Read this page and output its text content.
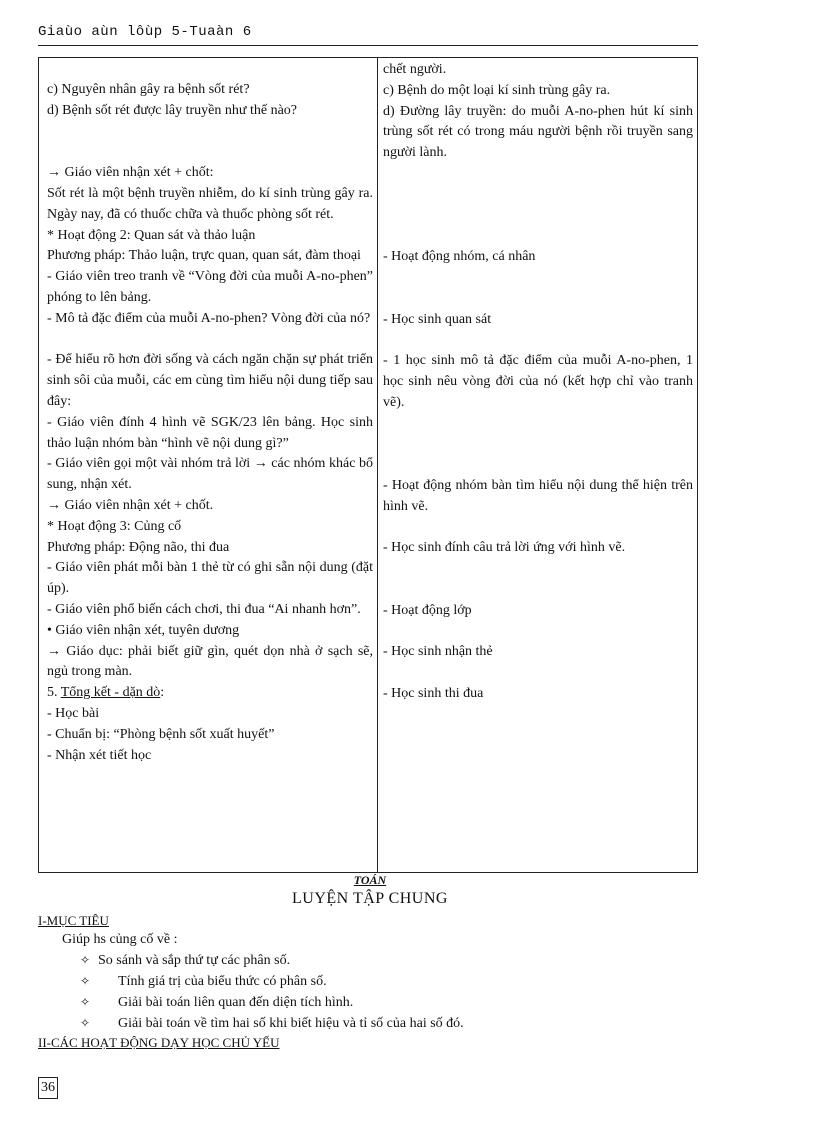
Giaùo aùn lôùp 5-Tuaàn 6
c) Nguyên nhân gây ra bệnh sốt rét?
d) Bệnh sốt rét được lây truyền như thế nào?
→ Giáo viên nhận xét + chốt:
Sốt rét là một bệnh truyền nhiễm, do kí sinh trùng gây ra. Ngày nay, đã có thuốc chữa và thuốc phòng sốt rét.
* Hoạt động 2: Quan sát và thảo luận
Phương pháp: Thảo luận, trực quan, quan sát, đàm thoại
- Giáo viên treo tranh về “Vòng đời của muỗi A-no-phen” phóng to lên bảng.
- Mô tả đặc điểm của muỗi A-no-phen? Vòng đời của nó?
- Để hiểu rõ hơn đời sống và cách ngăn chặn sự phát triển sinh sôi của muỗi, các em cùng tìm hiểu nội dung tiếp sau đây:
- Giáo viên đính 4 hình vẽ SGK/23 lên bảng. Học sinh thảo luận nhóm bàn “hình vẽ nội dung gì?”
- Giáo viên gọi một vài nhóm trả lời → các nhóm khác bổ sung, nhận xét.
→ Giáo viên nhận xét + chốt.
* Hoạt động 3: Củng cố
Phương pháp: Động não, thi đua
- Giáo viên phát mỗi bàn 1 thẻ từ có ghi sẵn nội dung (đặt úp).
- Giáo viên phổ biến cách chơi, thi đua “Ai nhanh hơn”.
• Giáo viên nhận xét, tuyên dương
→ Giáo dục: phải biết giữ gìn, quét dọn nhà ở sạch sẽ, ngủ trong màn.
5. Tổng kết - dặn dò:
- Học bài
- Chuẩn bị: “Phòng bệnh sốt xuất huyết”
- Nhận xét tiết học
chết người.
c) Bệnh do một loại kí sinh trùng gây ra.
d) Đường lây truyền: do muỗi A-no-phen hút kí sinh trùng sốt rét có trong máu người bệnh rồi truyền sang người lành.
- Hoạt động nhóm, cá nhân
- Học sinh quan sát
- 1 học sinh mô tả đặc điểm của muỗi A-no-phen, 1 học sinh nêu vòng đời của nó (kết hợp chỉ vào tranh vẽ).
- Hoạt động nhóm bàn tìm hiểu nội dung thể hiện trên hình vẽ.
- Học sinh đính câu trả lời ứng với hình vẽ.
- Hoạt động lớp
- Học sinh nhận thẻ
- Học sinh thi đua
TOÁN
LUYỆN TẬP CHUNG
I-MỤC TIÊU
Giúp hs củng cố về :
✧ So sánh và sắp thứ tự các phân số.
✧ Tính giá trị của biểu thức có phân số.
✧ Giải bài toán liên quan đến diện tích hình.
✧ Giải bài toán về tìm hai số khi biết hiệu và tỉ số của hai số đó.
II-CÁC HOẠT ĐỘNG DẠY HỌC CHỦ YẾU
36
